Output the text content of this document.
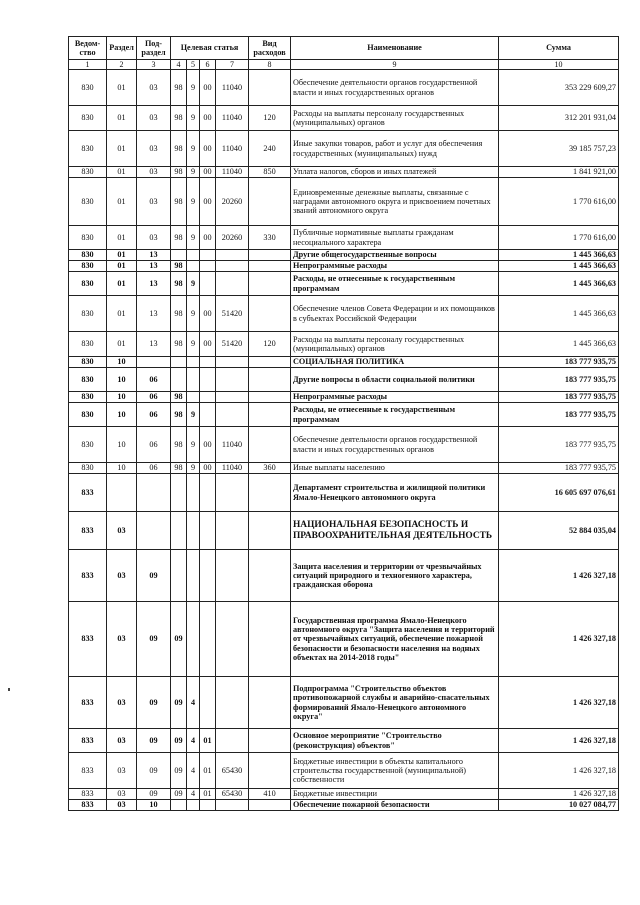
Ведом-ство	Раздел	Под-раздел	Целевая статья				Вид расходов	Наименование	Сумма
1	2	3	4	5	6	7	8	9	10
830	01	03	98	9	00	11040		Обеспечение деятельности органов государственной власти и иных государственных органов	353 229 609,27
830	01	03	98	9	00	11040	120	Расходы на выплаты персоналу государственных (муниципальных) органов	312 201 931,04
830	01	03	98	9	00	11040	240	Иные закупки товаров, работ и услуг для обеспечения государственных (муниципальных) нужд	39 185 757,23
830	01	03	98	9	00	11040	850	Уплата налогов, сборов и иных платежей	1 841 921,00
830	01	03	98	9	00	20260		Единовременные денежные выплаты, связанные с наградами автономного округа и присвоением почетных званий автономного округа	1 770 616,00
830	01	03	98	9	00	20260	330	Публичные нормативные выплаты гражданам несоциального характера	1 770 616,00
830	01	13						Другие общегосударственные вопросы	1 445 366,63
830	01	13	98					Непрограммные расходы	1 445 366,63
830	01	13	98	9				Расходы, не отнесенные к государственным программам	1 445 366,63
830	01	13	98	9	00	51420		Обеспечение членов Совета Федерации и их помощников в субъектах Российской Федерации	1 445 366,63
830	01	13	98	9	00	51420	120	Расходы на выплаты персоналу государственных (муниципальных) органов	1 445 366,63
830	10							СОЦИАЛЬНАЯ ПОЛИТИКА	183 777 935,75
830	10	06						Другие вопросы в области социальной политики	183 777 935,75
830	10	06	98					Непрограммные расходы	183 777 935,75
830	10	06	98	9				Расходы, не отнесенные к государственным программам	183 777 935,75
830	10	06	98	9	00	11040		Обеспечение деятельности органов государственной власти и иных государственных органов	183 777 935,75
830	10	06	98	9	00	11040	360	Иные выплаты населению	183 777 935,75
833								Департамент строительства и жилищной политики Ямало-Ненецкого автономного округа	16 605 697 076,61
833	03							НАЦИОНАЛЬНАЯ БЕЗОПАСНОСТЬ И ПРАВООХРАНИТЕЛЬНАЯ ДЕЯТЕЛЬНОСТЬ	52 884 035,04
833	03	09						Защита населения и территории от чрезвычайных ситуаций природного и техногенного характера, гражданская оборона	1 426 327,18
833	03	09	09					Государственная программа Ямало-Ненецкого автономного округа "Защита населения и территорий от чрезвычайных ситуаций, обеспечение пожарной безопасности и безопасности населения на водных объектах на 2014-2018 годы"	1 426 327,18
833	03	09	09	4				Подпрограмма "Строительство объектов противопожарной службы и аварийно-спасательных формирований Ямало-Ненецкого автономного округа"	1 426 327,18
833	03	09	09	4	01			Основное мероприятие "Строительство (реконструкция) объектов"	1 426 327,18
833	03	09	09	4	01	65430		Бюджетные инвестиции в объекты капитального строительства государственной (муниципальной) собственности	1 426 327,18
833	03	09	09	4	01	65430	410	Бюджетные инвестиции	1 426 327,18
833	03	10						Обеспечение пожарной безопасности	10 027 084,77
